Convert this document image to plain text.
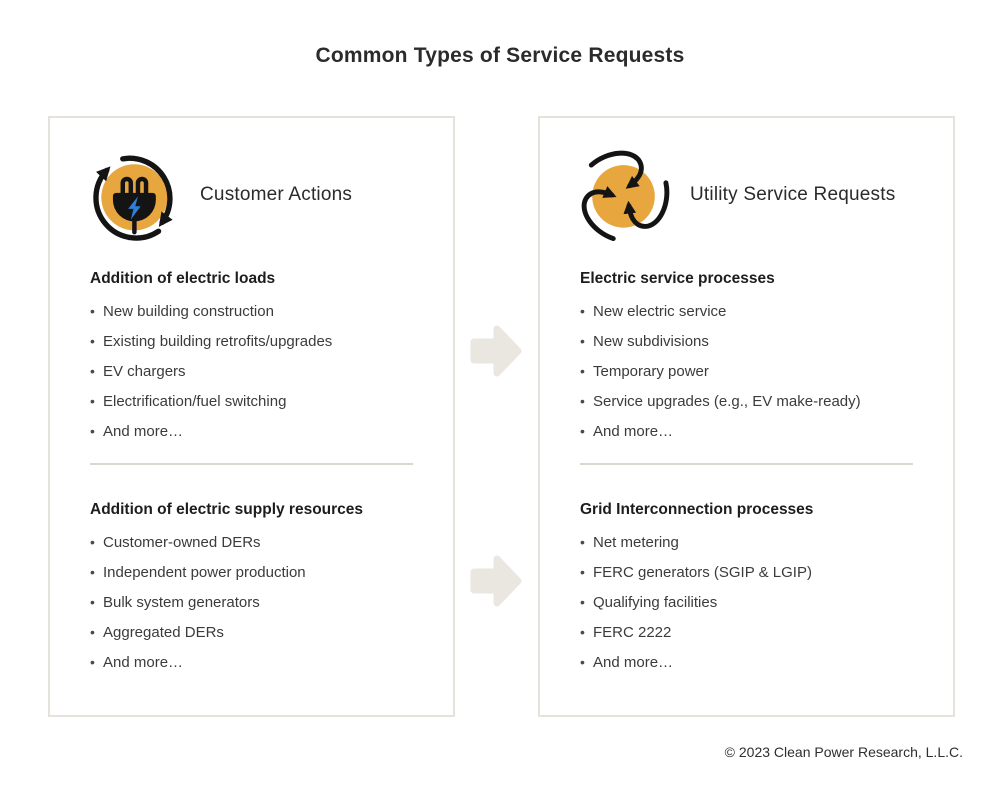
Common Types of Service Requests
Customer Actions
Addition of electric loads
• New building construction
• Existing building retrofits/upgrades
• EV chargers
• Electrification/fuel switching
• And more…
Addition of electric supply resources
• Customer-owned DERs
• Independent power production
• Bulk system generators
• Aggregated DERs
• And more…
Utility Service Requests
Electric service processes
• New electric service
• New subdivisions
• Temporary power
• Service upgrades (e.g., EV make-ready)
• And more…
Grid Interconnection processes
• Net metering
• FERC generators (SGIP & LGIP)
• Qualifying facilities
• FERC 2222
• And more…

© 2023 Clean Power Research, L.L.C.
